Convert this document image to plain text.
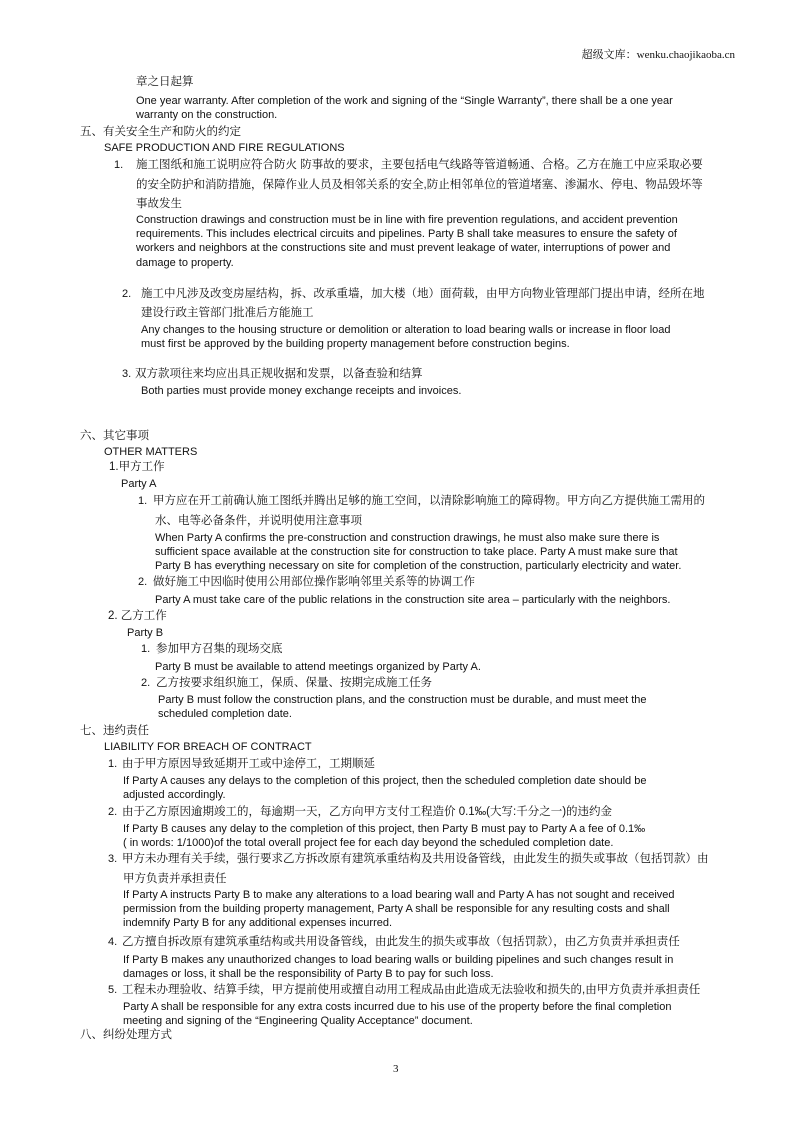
超级文库：wenku.chaojikaoba.cn
章之日起算
One year warranty. After completion of the work and signing of the “Single Warranty”, there shall be a one year
warranty on the construction.
五、有关安全生产和防火的约定
SAFE PRODUCTION AND FIRE REGULATIONS
1. 施工图纸和施工说明应符合防火 防事故的要求，主要包括电气线路等管道畅通、合格。乙方在施工中应采取必要
的安全防护和消防措施，保障作业人员及相邻关系的安全,防止相邻单位的管道堵塞、渗漏水、停电、物品毁坏等
事故发生
Construction drawings and construction must be in line with fire prevention regulations, and accident prevention
requirements. This includes electrical circuits and pipelines. Party B shall take measures to ensure the safety of
workers and neighbors at the constructions site and must prevent leakage of water, interruptions of power and
damage to property.
2. 施工中凡涉及改变房屋结构，拆、改承重墙，加大楼（地）面荷载，由甲方向物业管理部门提出申请，经所在地
建设行政主管部门批准后方能施工
Any changes to the housing structure or demolition or alteration to load bearing walls or increase in floor load
must first be approved by the building property management before construction begins.
3. 双方款项往来均应出具正规收据和发票，以备查验和结算
Both parties must provide money exchange receipts and invoices.
六、其它事项
OTHER MATTERS
1.甲方工作
Party A
1. 甲方应在开工前确认施工图纸并腾出足够的施工空间，以清除影响施工的障碍物。甲方向乙方提供施工需用的
水、电等必备条件，并说明使用注意事项
When Party A confirms the pre-construction and construction drawings, he must also make sure there is
sufficient space available at the construction site for construction to take place. Party A must make sure that
Party B has everything necessary on site for completion of the construction, particularly electricity and water.
2. 做好施工中因临时使用公用部位操作影响邻里关系等的协调工作
Party A must take care of the public relations in the construction site area – particularly with the neighbors.
2. 乙方工作
Party B
1. 参加甲方召集的现场交底
Party B must be available to attend meetings organized by Party A.
2. 乙方按要求组织施工，保质、保量、按期完成施工任务
Party B must follow the construction plans, and the construction must be durable, and must meet the
scheduled completion date.
七、违约责任
LIABILITY FOR BREACH OF CONTRACT
1. 由于甲方原因导致延期开工或中途停工，工期顺延
If Party A causes any delays to the completion of this project, then the scheduled completion date should be
adjusted accordingly.
2. 由于乙方原因逾期竣工的，每逾期一天，乙方向甲方支付工程造价 0.1‰(大写:千分之一)的违约金
If Party B causes any delay to the completion of this project, then Party B must pay to Party A a fee of 0.1‰
( in words: 1/1000)of the total overall project fee for each day beyond the scheduled completion date.
3. 甲方未办理有关手续，强行要求乙方拆改原有建筑承重结构及共用设备管线，由此发生的损失或事故（包括罚款）由
甲方负责并承担责任
If Party A instructs Party B to make any alterations to a load bearing wall and Party A has not sought and received
permission from the building property management, Party A shall be responsible for any resulting costs and shall
indemnify Party B for any additional expenses incurred.
4. 乙方擅自拆改原有建筑承重结构或共用设备管线，由此发生的损失或事故（包括罚款），由乙方负责并承担责任
If Party B makes any unauthorized changes to load bearing walls or building pipelines and such changes result in
damages or loss, it shall be the responsibility of Party B to pay for such loss.
5. 工程未办理验收、结算手续，甲方提前使用或擅自动用工程成品由此造成无法验收和损失的,由甲方负责并承担责任
Party A shall be responsible for any extra costs incurred due to his use of the property before the final completion
meeting and signing of the “Engineering Quality Acceptance” document.
八、纠纷处理方式
3
